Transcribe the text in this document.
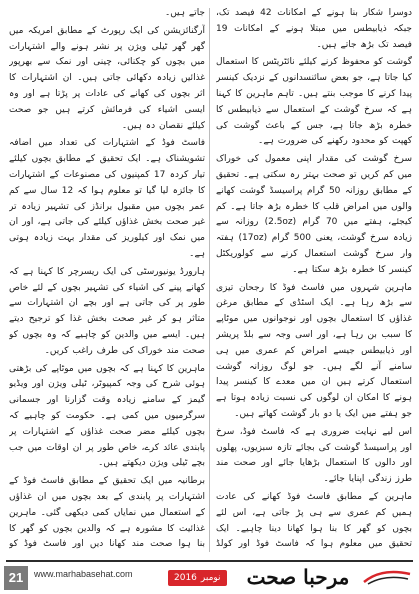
دوسرا شکار بنا ہونے کے امکانات 42 فیصد تک، جبکہ ذیابیطس میں مبتلا ہونے کے امکانات 19 فیصد تک بڑھ جاتے ہیں۔

گوشت کو محفوظ کرنے کیلئے نائٹریٹس کا استعمال کیا جاتا ہے، جو بعض سائنسدانوں کے نزدیک کینسر پیدا کرنے کا موجب بنتے ہیں۔ تاہم ماہرین کا کہنا ہے کہ سرخ گوشت کے استعمال سے ذیابیطس کا خطرہ بڑھ جاتا ہے، جس کے باعث گوشت کی کھپت کو محدود رکھنے کی ضرورت ہے۔

سرخ گوشت کی مقدار اپنی معمول کی خوراک میں کم کریں تو صحت بہتر رہ سکتی ہے۔ تحقیق کے مطابق روزانہ 50 گرام پراسیسڈ گوشت کھانے والوں میں امراض قلب کا خطرہ بڑھ جاتا ہے۔ کم کیجئے، ہفتے میں 70 گرام (2.5oz) روزانہ سے زیادہ سرخ گوشت، یعنی 500 گرام (17oz) ہفتہ وار سرخ گوشت استعمال کرنے سے کولوریکٹل کینسر کا خطرہ بڑھ سکتا ہے۔

ماہرین شہروں میں فاسٹ فوڈ کا رجحان تیزی سے بڑھ رہا ہے۔ ایک اسٹڈی کے مطابق مرغن غذاؤں کا استعمال بچوں اور نوجوانوں میں موٹاپے کا سبب بن رہا ہے، اور اسی وجہ سے بلڈ پریشر اور ذیابیطس جیسے امراض کم عمری میں ہی سامنے آنے لگے ہیں۔ جو لوگ روزانہ گوشت استعمال کرتے ہیں ان میں معدے کا کینسر پیدا ہونے کا امکان ان لوگوں کی نسبت زیادہ ہوتا ہے جو ہفتے میں ایک یا دو بار گوشت کھاتے ہیں۔

اس لیے نہایت ضروری ہے کہ فاسٹ فوڈ، سرخ اور پراسیسڈ گوشت کی بجائے تازہ سبزیوں، پھلوں اور دالوں کا استعمال بڑھایا جائے اور صحت مند طرز زندگی اپنایا جائے۔

ماہرین کے مطابق فاسٹ فوڈ کھانے کی عادت ہمیں کم عمری سے ہی پڑ جاتی ہے، اس لئے بچوں کو گھر کا بنا ہوا کھانا دینا چاہیے۔ ایک تحقیق میں معلوم ہوا کہ فاسٹ فوڈ اور کولڈ

جاتے ہیں۔

آرگنائزیشن کی ایک رپورٹ کے مطابق امریکہ میں گھر گھر ٹیلی ویژن پر نشر ہونے والے اشتہارات میں بچوں کو چکنائی، چینی اور نمک سے بھرپور غذائیں زیادہ دکھائی جاتی ہیں۔ ان اشتہارات کا اثر بچوں کی کھانے کی عادات پر پڑتا ہے اور وہ ایسی اشیاء کی فرمائش کرتے ہیں جو صحت کیلئے نقصان دہ ہیں۔

فاسٹ فوڈ کے اشتہارات کی تعداد میں اضافہ تشویشناک ہے۔ ایک تحقیق کے مطابق بچوں کیلئے تیار کردہ 17 کمپنیوں کی مصنوعات کے اشتہارات کا جائزہ لیا گیا تو معلوم ہوا کہ 12 سال سے کم عمر بچوں میں مقبول برانڈز کی تشہیر زیادہ تر غیر صحت بخش غذاؤں کیلئے کی جاتی ہے، اور ان میں نمک اور کیلوریز کی مقدار بہت زیادہ ہوتی ہے۔

ہارورڈ یونیورسٹی کی ایک ریسرچر کا کہنا ہے کہ کھانے پینے کی اشیاء کی تشہیر بچوں کے لئے خاص طور پر کی جاتی ہے اور بچے ان اشتہارات سے متاثر ہو کر غیر صحت بخش غذا کو ترجیح دیتے ہیں۔ ایسے میں والدین کو چاہیے کہ وہ بچوں کو صحت مند خوراک کی طرف راغب کریں۔

ماہرین کا کہنا ہے کہ بچوں میں موٹاپے کی بڑھتی ہوئی شرح کی وجہ کمپیوٹر، ٹیلی ویژن اور ویڈیو گیمز کے سامنے زیادہ وقت گزارنا اور جسمانی سرگرمیوں میں کمی ہے۔ حکومت کو چاہیے کہ بچوں کیلئے مضر صحت غذاؤں کے اشتہارات پر پابندی عائد کرے، خاص طور پر ان اوقات میں جب بچے ٹیلی ویژن دیکھتے ہیں۔

برطانیہ میں ایک تحقیق کے مطابق فاسٹ فوڈ کے اشتہارات پر پابندی کے بعد بچوں میں ان غذاؤں کے استعمال میں نمایاں کمی دیکھی گئی۔ ماہرین غذائیت کا مشورہ ہے کہ والدین بچوں کو گھر کا بنا ہوا صحت مند کھانا دیں اور فاسٹ فوڈ کو

21	www.marhabasehat.com	نومبر
2016	مرحبا صحت
